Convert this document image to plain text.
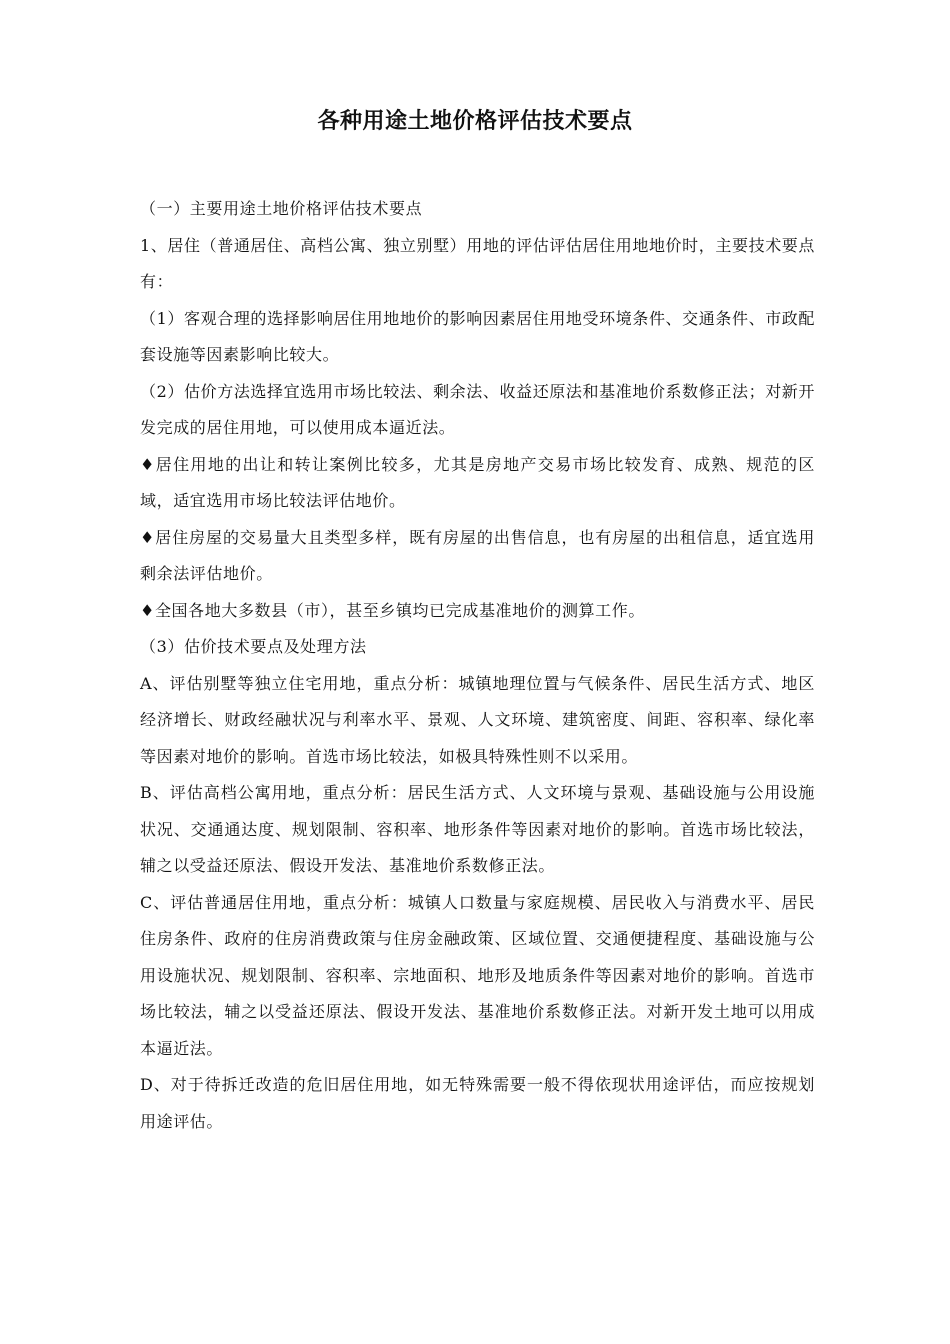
各种用途土地价格评估技术要点

（一）主要用途土地价格评估技术要点

1、居住（普通居住、高档公寓、独立别墅）用地的评估评估居住用地地价时，主要技术要点有：

（1）客观合理的选择影响居住用地地价的影响因素居住用地受环境条件、交通条件、市政配套设施等因素影响比较大。

（2）估价方法选择宜选用市场比较法、剩余法、收益还原法和基准地价系数修正法；对新开发完成的居住用地，可以使用成本逼近法。

♦居住用地的出让和转让案例比较多，尤其是房地产交易市场比较发育、成熟、规范的区域，适宜选用市场比较法评估地价。

♦居住房屋的交易量大且类型多样，既有房屋的出售信息，也有房屋的出租信息，适宜选用剩余法评估地价。

♦全国各地大多数县（市），甚至乡镇均已完成基准地价的测算工作。

（3）估价技术要点及处理方法

A、评估别墅等独立住宅用地，重点分析：城镇地理位置与气候条件、居民生活方式、地区经济增长、财政经融状况与利率水平、景观、人文环境、建筑密度、间距、容积率、绿化率等因素对地价的影响。首选市场比较法，如极具特殊性则不以采用。

B、评估高档公寓用地，重点分析：居民生活方式、人文环境与景观、基础设施与公用设施状况、交通通达度、规划限制、容积率、地形条件等因素对地价的影响。首选市场比较法，辅之以受益还原法、假设开发法、基准地价系数修正法。

C、评估普通居住用地，重点分析：城镇人口数量与家庭规模、居民收入与消费水平、居民住房条件、政府的住房消费政策与住房金融政策、区域位置、交通便捷程度、基础设施与公用设施状况、规划限制、容积率、宗地面积、地形及地质条件等因素对地价的影响。首选市场比较法，辅之以受益还原法、假设开发法、基准地价系数修正法。对新开发土地可以用成本逼近法。

D、对于待拆迁改造的危旧居住用地，如无特殊需要一般不得依现状用途评估，而应按规划用途评估。
